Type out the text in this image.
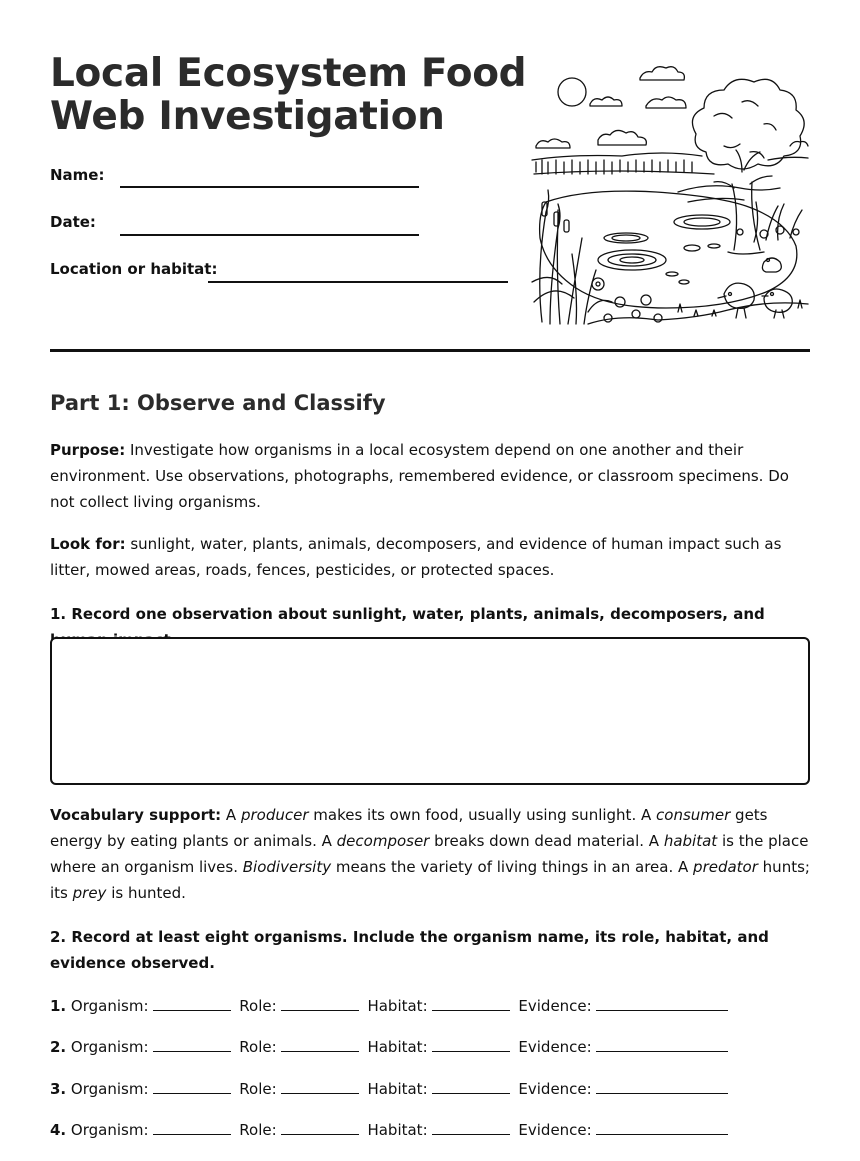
Local Ecosystem Food
Web Investigation
Name:
Date:
Location or habitat:
Part 1: Observe and Classify

Purpose: Investigate how organisms in a local ecosystem depend on one another and their environment. Use observations, photographs, remembered evidence, or classroom specimens. Do not collect living organisms.

Look for: sunlight, water, plants, animals, decomposers, and evidence of human impact such as litter, mowed areas, roads, fences, pesticides, or protected spaces.

1. Record one observation about sunlight, water, plants, animals, decomposers, and

Vocabulary support: A producer makes its own food, usually using sunlight. A consumer gets energy by eating plants or animals. A decomposer breaks down dead material. A habitat is the place where an organism lives. Biodiversity means the variety of living things in an area. A predator hunts; its prey is hunted.

2. Record at least eight organisms. Include the organism name, its role, habitat, and evidence observed.

1. Organism:	Role:	Habitat:	Evidence:
2. Organism:	Role:	Habitat:	Evidence:
3. Organism:	Role:	Habitat:	Evidence:
4. Organism:	Role:	Habitat:	Evidence:
